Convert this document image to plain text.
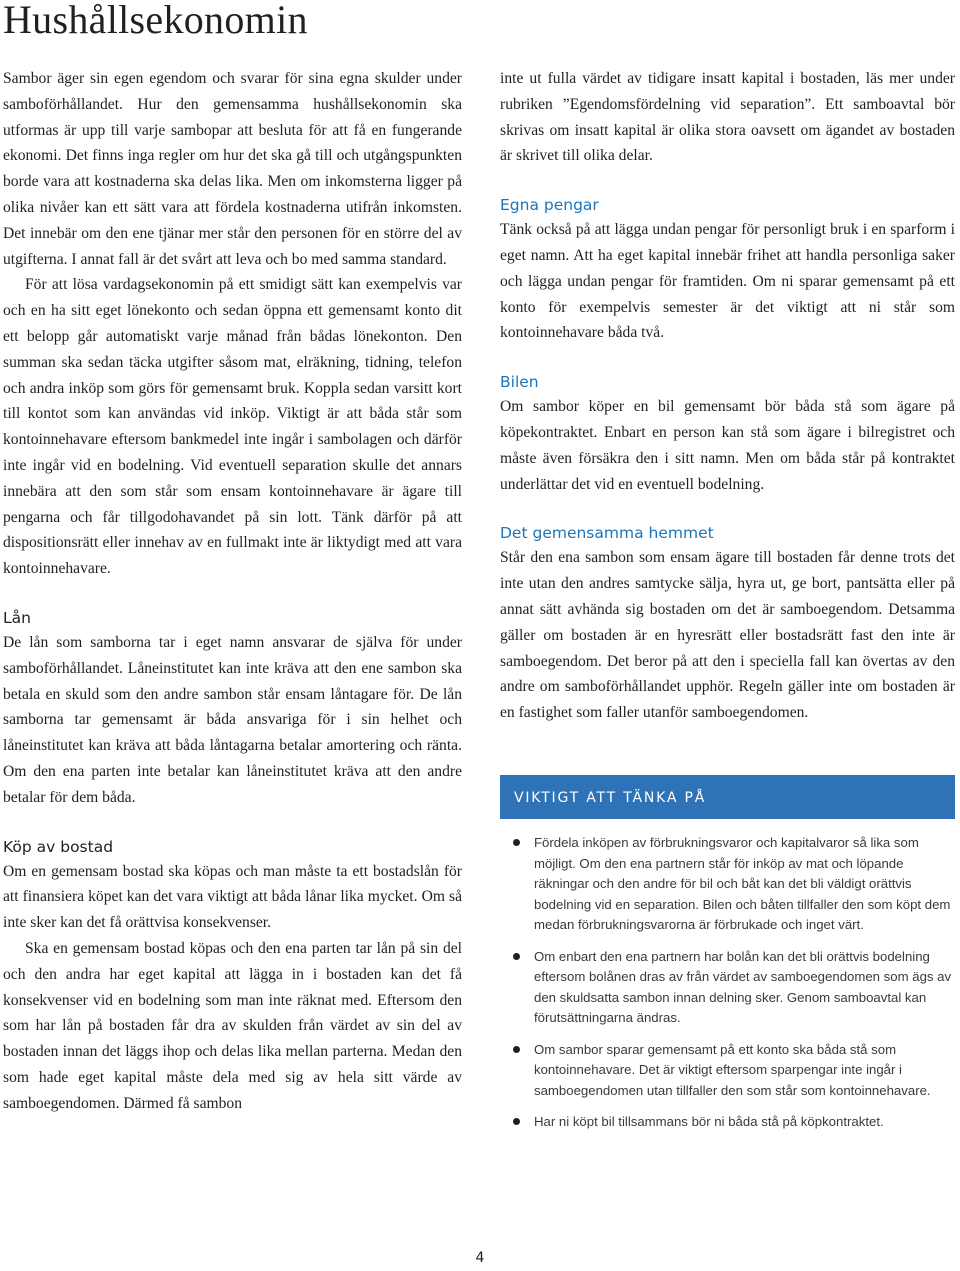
Hushållsekonomin

Sambor äger sin egen egendom och svarar för sina egna skulder under samboförhållandet. Hur den gemensamma hushållsekonomin ska utformas är upp till varje sambopar att besluta för att få en fungerande ekonomi. Det finns inga regler om hur det ska gå till och utgångspunkten borde vara att kostnaderna ska delas lika. Men om inkomsterna ligger på olika nivåer kan ett sätt vara att fördela kostnaderna utifrån inkomsten. Det innebär om den ene tjänar mer står den personen för en större del av utgifterna. I annat fall är det svårt att leva och bo med samma standard.

För att lösa vardagsekonomin på ett smidigt sätt kan exempelvis var och en ha sitt eget lönekonto och sedan öppna ett gemensamt konto dit ett belopp går automatiskt varje månad från bådas lönekonton. Den summan ska sedan täcka utgifter såsom mat, elräkning, tidning, telefon och andra inköp som görs för gemensamt bruk. Koppla sedan varsitt kort till kontot som kan användas vid inköp. Viktigt är att båda står som kontoinnehavare eftersom bankmedel inte ingår i sambolagen och därför inte ingår vid en bodelning. Vid eventuell separation skulle det annars innebära att den som står som ensam kontoinnehavare är ägare till pengarna och får tillgodohavandet på sin lott. Tänk därför på att dispositionsrätt eller innehav av en fullmakt inte är liktydigt med att vara kontoinnehavare.

Lån

De lån som samborna tar i eget namn ansvarar de själva för under samboförhållandet. Låneinstitutet kan inte kräva att den ene sambon ska betala en skuld som den andre sambon står ensam låntagare för. De lån samborna tar gemensamt är båda ansvariga för i sin helhet och låneinstitutet kan kräva att båda låntagarna betalar amortering och ränta. Om den ena parten inte betalar kan låneinstitutet kräva att den andre betalar för dem båda.

Köp av bostad

Om en gemensam bostad ska köpas och man måste ta ett bostadslån för att finansiera köpet kan det vara viktigt att båda lånar lika mycket. Om så inte sker kan det få orättvisa konsekvenser.

Ska en gemensam bostad köpas och den ena parten tar lån på sin del och den andra har eget kapital att lägga in i bostaden kan det få konsekvenser vid en bodelning som man inte räknat med. Eftersom den som har lån på bostaden får dra av skulden från värdet av sin del av bostaden innan det läggs ihop och delas lika mellan parterna. Medan den som hade eget kapital måste dela med sig av hela sitt värde av samboegendomen. Därmed få sambon

inte ut fulla värdet av tidigare insatt kapital i bostaden, läs mer under rubriken ”Egendomsfördelning vid separation”. Ett samboavtal bör skrivas om insatt kapital är olika stora oavsett om ägandet av bostaden är skrivet till olika delar.

Egna pengar

Tänk också på att lägga undan pengar för personligt bruk i en sparform i eget namn. Att ha eget kapital innebär frihet att handla personliga saker och lägga undan pengar för framtiden. Om ni sparar gemensamt på ett konto för exempelvis semester är det viktigt att ni står som kontoinnehavare båda två.

Bilen

Om sambor köper en bil gemensamt bör båda stå som ägare på köpekontraktet. Enbart en person kan stå som ägare i bilregistret och måste även försäkra den i sitt namn. Men om båda står på kontraktet underlättar det vid en eventuell bodelning.

Det gemensamma hemmet

Står den ena sambon som ensam ägare till bostaden får denne trots det inte utan den andres samtycke sälja, hyra ut, ge bort, pantsätta eller på annat sätt avhända sig bostaden om det är samboegendom. Detsamma gäller om bostaden är en hyresrätt eller bostadsrätt fast den inte är samboegendom. Det beror på att den i speciella fall kan övertas av den andre om samboförhållandet upphör. Regeln gäller inte om bostaden är en fastighet som faller utanför samboegendomen.

VIKTIGT ATT TÄNKA PÅ
Fördela inköpen av förbrukningsvaror och kapitalvaror så lika som möjligt. Om den ena partnern står för inköp av mat och löpande räkningar och den andre för bil och båt kan det bli väldigt orättvis bodelning vid en separation. Bilen och båten tillfaller den som köpt dem medan förbrukningsvarorna är förbrukade och inget värt.
Om enbart den ena partnern har bolån kan det bli orättvis bodelning eftersom bolånen dras av från värdet av samboegendomen som ägs av den skuldsatta sambon innan delning sker. Genom samboavtal kan förutsättningarna ändras.
Om sambor sparar gemensamt på ett konto ska båda stå som kontoinnehavare. Det är viktigt eftersom sparpengar inte ingår i samboegendomen utan tillfaller den som står som kontoinnehavare.
Har ni köpt bil tillsammans bör ni båda stå på köpkontraktet.
4
